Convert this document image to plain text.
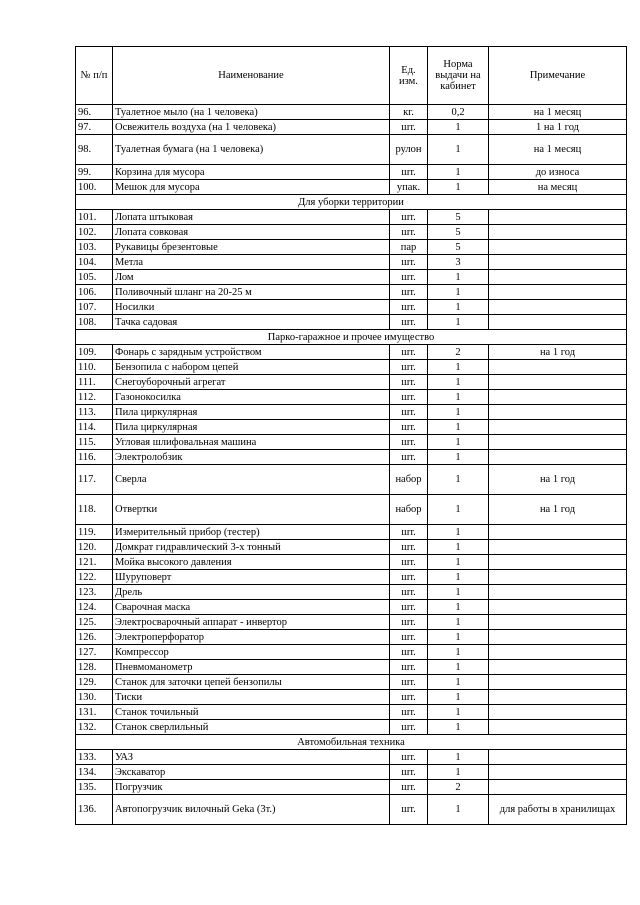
№ п/п	Наименование	Ед. изм.	Норма выдачи на кабинет	Примечание
96.	Туалетное мыло (на 1 человека)	кг.	0,2	на 1 месяц
97.	Освежитель воздуха (на 1 человека)	шт.	1	1 на 1 год
98.	Туалетная бумага (на 1 человека)	рулон	1	на 1 месяц
99.	Корзина для мусора	шт.	1	до износа
100.	Мешок для мусора	упак.	1	на месяц
Для уборки территории				
101.	Лопата штыковая	шт.	5	
102.	Лопата совковая	шт.	5	
103.	Рукавицы брезентовые	пар	5	
104.	Метла	шт.	3	
105.	Лом	шт.	1	
106.	Поливочный шланг на 20-25 м	шт.	1	
107.	Носилки	шт.	1	
108.	Тачка садовая	шт.	1	
Парко-гаражное и прочее имущество				
109.	Фонарь с зарядным устройством	шт.	2	на 1 год
110.	Бензопила с набором цепей	шт.	1	
111.	Снегоуборочный агрегат	шт.	1	
112.	Газонокосилка	шт.	1	
113.	Пила циркулярная	шт.	1	
114.	Пила циркулярная	шт.	1	
115.	Угловая шлифовальная машина	шт.	1	
116.	Электролобзик	шт.	1	
117.	Сверла	набор	1	на 1 год
118.	Отвертки	набор	1	на 1 год
119.	Измерительный прибор (тестер)	шт.	1	
120.	Домкрат гидравлический 3-х тонный	шт.	1	
121.	Мойка высокого давления	шт.	1	
122.	Шуруповерт	шт.	1	
123.	Дрель	шт.	1	
124.	Сварочная маска	шт.	1	
125.	Электросварочный аппарат - инвертор	шт.	1	
126.	Электроперфоратор	шт.	1	
127.	Компрессор	шт.	1	
128.	Пневмоманометр	шт.	1	
129.	Станок для заточки цепей бензопилы	шт.	1	
130.	Тиски	шт.	1	
131.	Станок точильный	шт.	1	
132.	Станок сверлильный	шт.	1	
Автомобильная техника				
133.	УАЗ	шт.	1	
134.	Экскаватор	шт.	1	
135.	Погрузчик	шт.	2	
136.	Автопогрузчик вилочный Geka (3т.)	шт.	1	для работы в хранилищах
